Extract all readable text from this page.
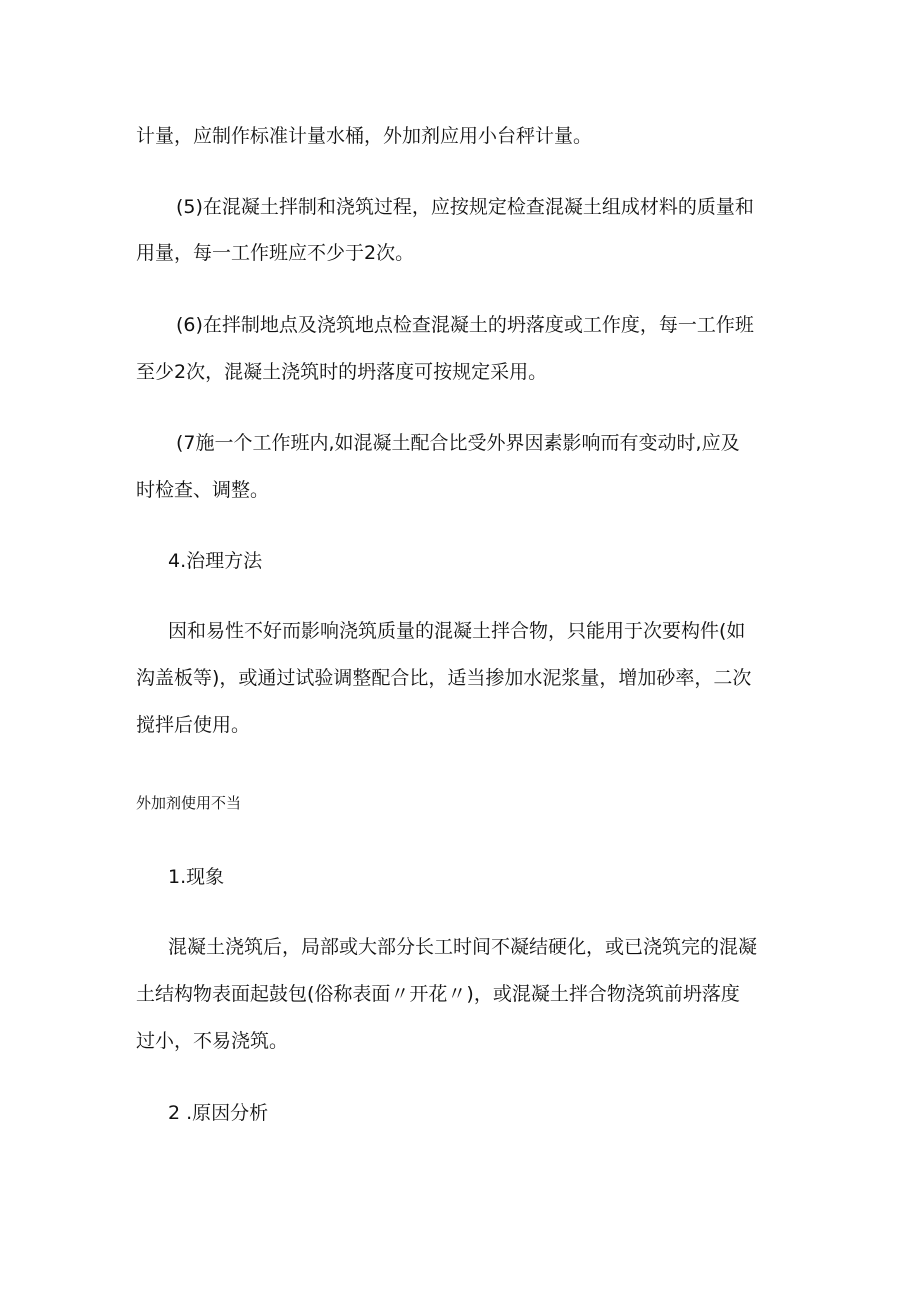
计量，应制作标准计量水桶，外加剂应用小台秤计量。

(5)在混凝土拌制和浇筑过程，应按规定检查混凝土组成材料的质量和

用量，每一工作班应不少于2次。

(6)在拌制地点及浇筑地点检查混凝土的坍落度或工作度，每一工作班

至少2次，混凝土浇筑时的坍落度可按规定采用。

(7施一个工作班内,如混凝土配合比受外界因素影响而有变动时,应及

时检查、调整。

4.治理方法

因和易性不好而影响浇筑质量的混凝土拌合物，只能用于次要构件(如

沟盖板等)，或通过试验调整配合比，适当掺加水泥浆量，增加砂率，二次

搅拌后使用。

外加剂使用不当

1.现象

混凝土浇筑后，局部或大部分长工时间不凝结硬化，或已浇筑完的混凝

土结构物表面起鼓包(俗称表面〃开花〃)，或混凝土拌合物浇筑前坍落度

过小，不易浇筑。

2 .原因分析
